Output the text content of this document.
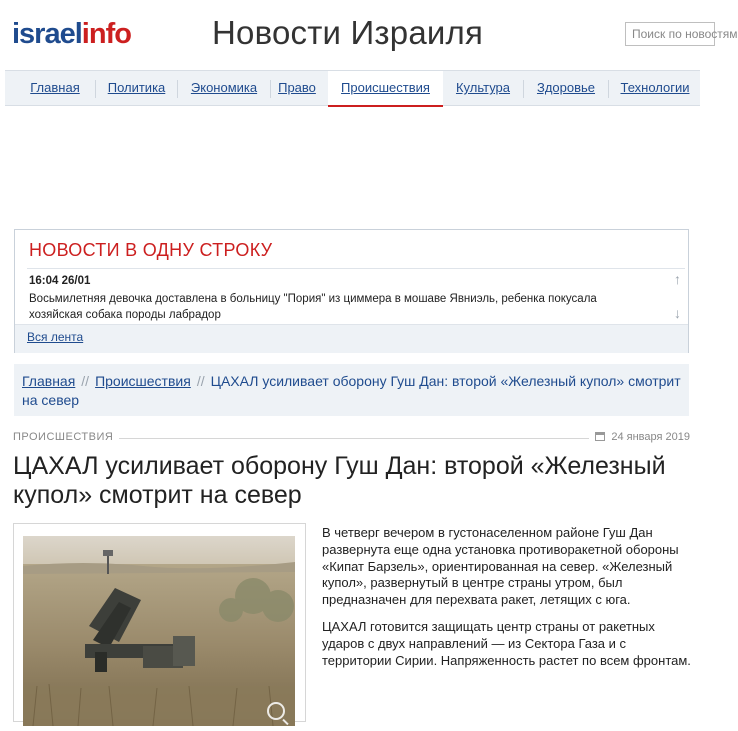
israelinfo Новости Израиля	Поиск по новостям
Главная	Политика	Экономика	Право	Происшествия	Культура	Здоровье	Технологии
НОВОСТИ В ОДНУ СТРОКУ
16:04 26/01
Восьмилетняя девочка доставлена в больницу "Пория" из циммера в мошаве Явниэль, ребенка покусала хозяйская собака породы лабрадор
↑
↓
Вся лента
Главная // Происшествия // ЦАХАЛ усиливает оборону Гуш Дан: второй «Железный купол» смотрит на север
ПРОИСШЕСТВИЯ	24 января 2019
ЦАХАЛ усиливает оборону Гуш Дан: второй «Железный купол» смотрит на север

В четверг вечером в густонаселенном районе Гуш Дан развернута еще одна установка противоракетной обороны «Кипат Барзель», ориентированная на север. «Железный купол», развернутый в центре страны утром, был предназначен для перехвата ракет, летящих с юга.

ЦАХАЛ готовится защищать центр страны от ракетных ударов с двух направлений — из Сектора Газа и с территории Сирии. Напряженность растет по всем фронтам.
